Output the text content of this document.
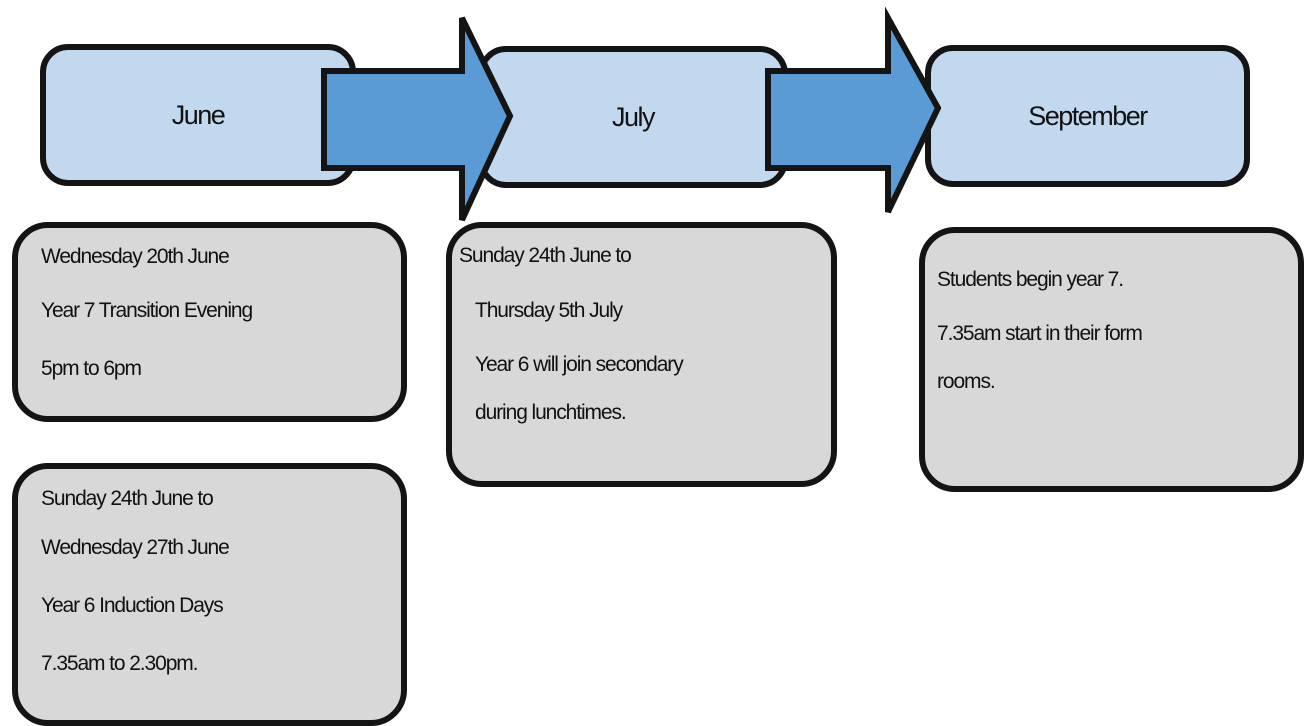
June	July	September

Wednesday 20th June

Year 7 Transition Evening

5pm to 6pm

Sunday 24th June to

Wednesday 27th June

Year 6 Induction Days

7.35am to 2.30pm.

Sunday 24th June to

Thursday 5th July

Year 6 will join secondary

during lunchtimes.

Students begin year 7.

7.35am start in their form

rooms.
